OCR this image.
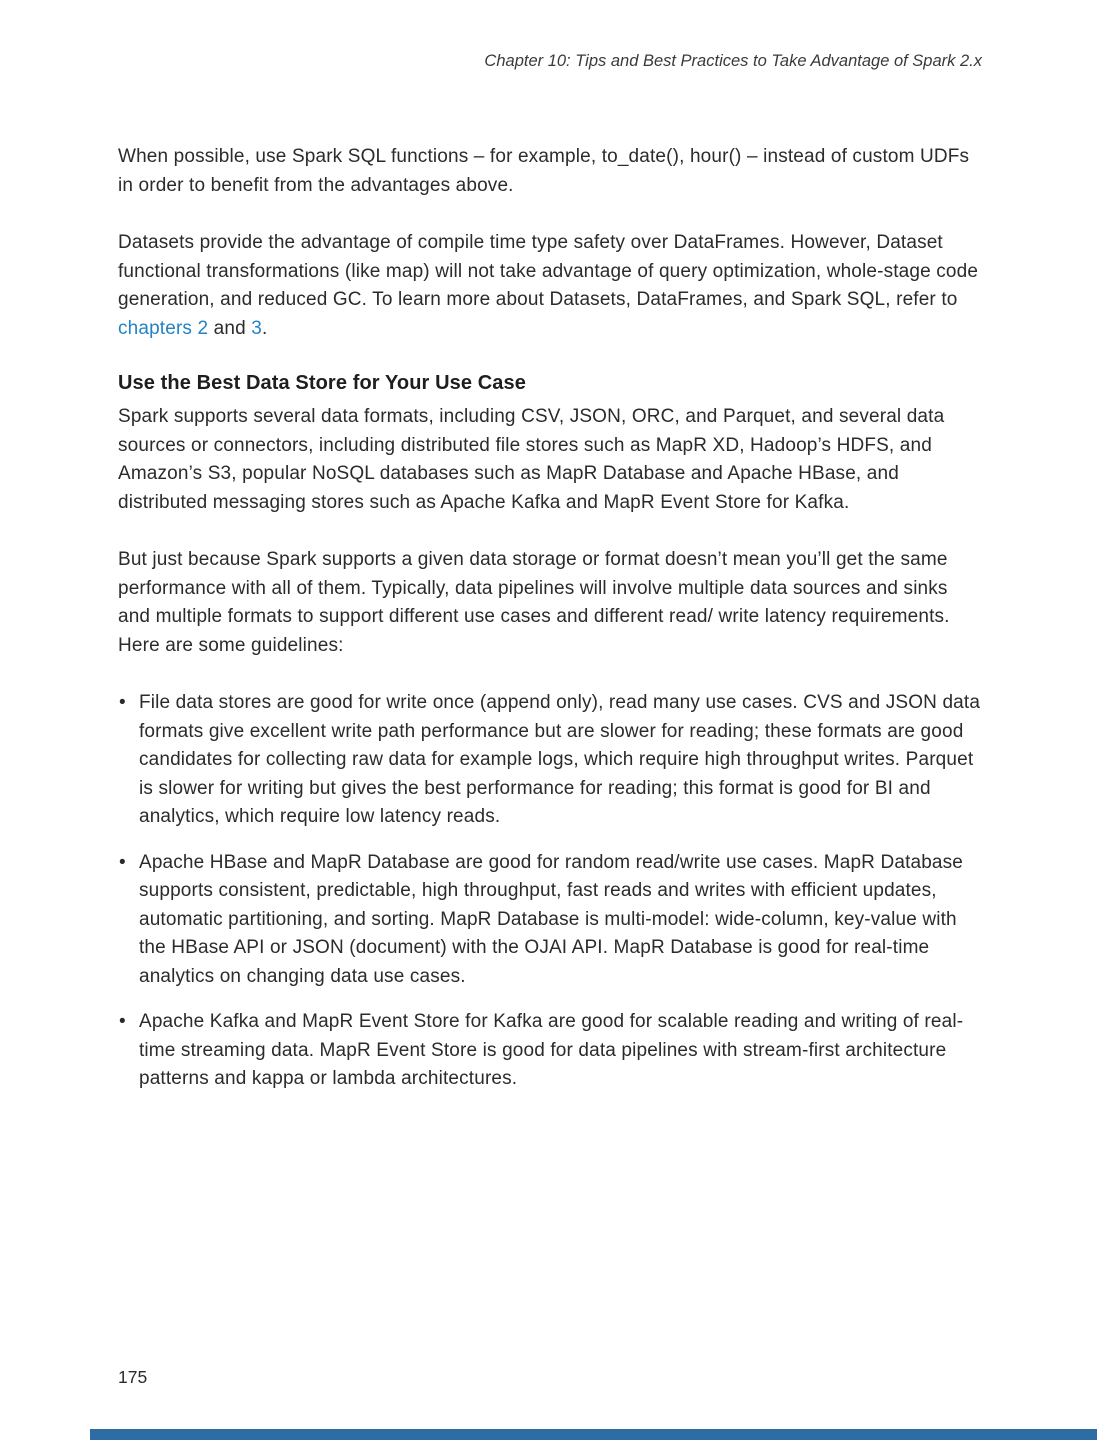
Chapter 10: Tips and Best Practices to Take Advantage of Spark 2.x

When possible, use Spark SQL functions – for example, to_date(), hour() – instead of custom UDFs in order to benefit from the advantages above.

Datasets provide the advantage of compile time type safety over DataFrames. However, Dataset functional transformations (like map) will not take advantage of query optimization, whole-stage code generation, and reduced GC. To learn more about Datasets, DataFrames, and Spark SQL, refer to chapters 2 and 3.

Use the Best Data Store for Your Use Case

Spark supports several data formats, including CSV, JSON, ORC, and Parquet, and several data sources or connectors, including distributed file stores such as MapR XD, Hadoop’s HDFS, and Amazon’s S3, popular NoSQL databases such as MapR Database and Apache HBase, and distributed messaging stores such as Apache Kafka and MapR Event Store for Kafka.

But just because Spark supports a given data storage or format doesn’t mean you’ll get the same performance with all of them. Typically, data pipelines will involve multiple data sources and sinks and multiple formats to support different use cases and different read/ write latency requirements. Here are some guidelines:

• File data stores are good for write once (append only), read many use cases. CVS and JSON data formats give excellent write path performance but are slower for reading; these formats are good candidates for collecting raw data for example logs, which require high throughput writes. Parquet is slower for writing but gives the best performance for reading; this format is good for BI and analytics, which require low latency reads.
• Apache HBase and MapR Database are good for random read/write use cases. MapR Database supports consistent, predictable, high throughput, fast reads and writes with efficient updates, automatic partitioning, and sorting. MapR Database is multi-model: wide-column, key-value with the HBase API or JSON (document) with the OJAI API. MapR Database is good for real-time analytics on changing data use cases.
• Apache Kafka and MapR Event Store for Kafka are good for scalable reading and writing of real-time streaming data. MapR Event Store is good for data pipelines with stream-first architecture patterns and kappa or lambda architectures.
175
